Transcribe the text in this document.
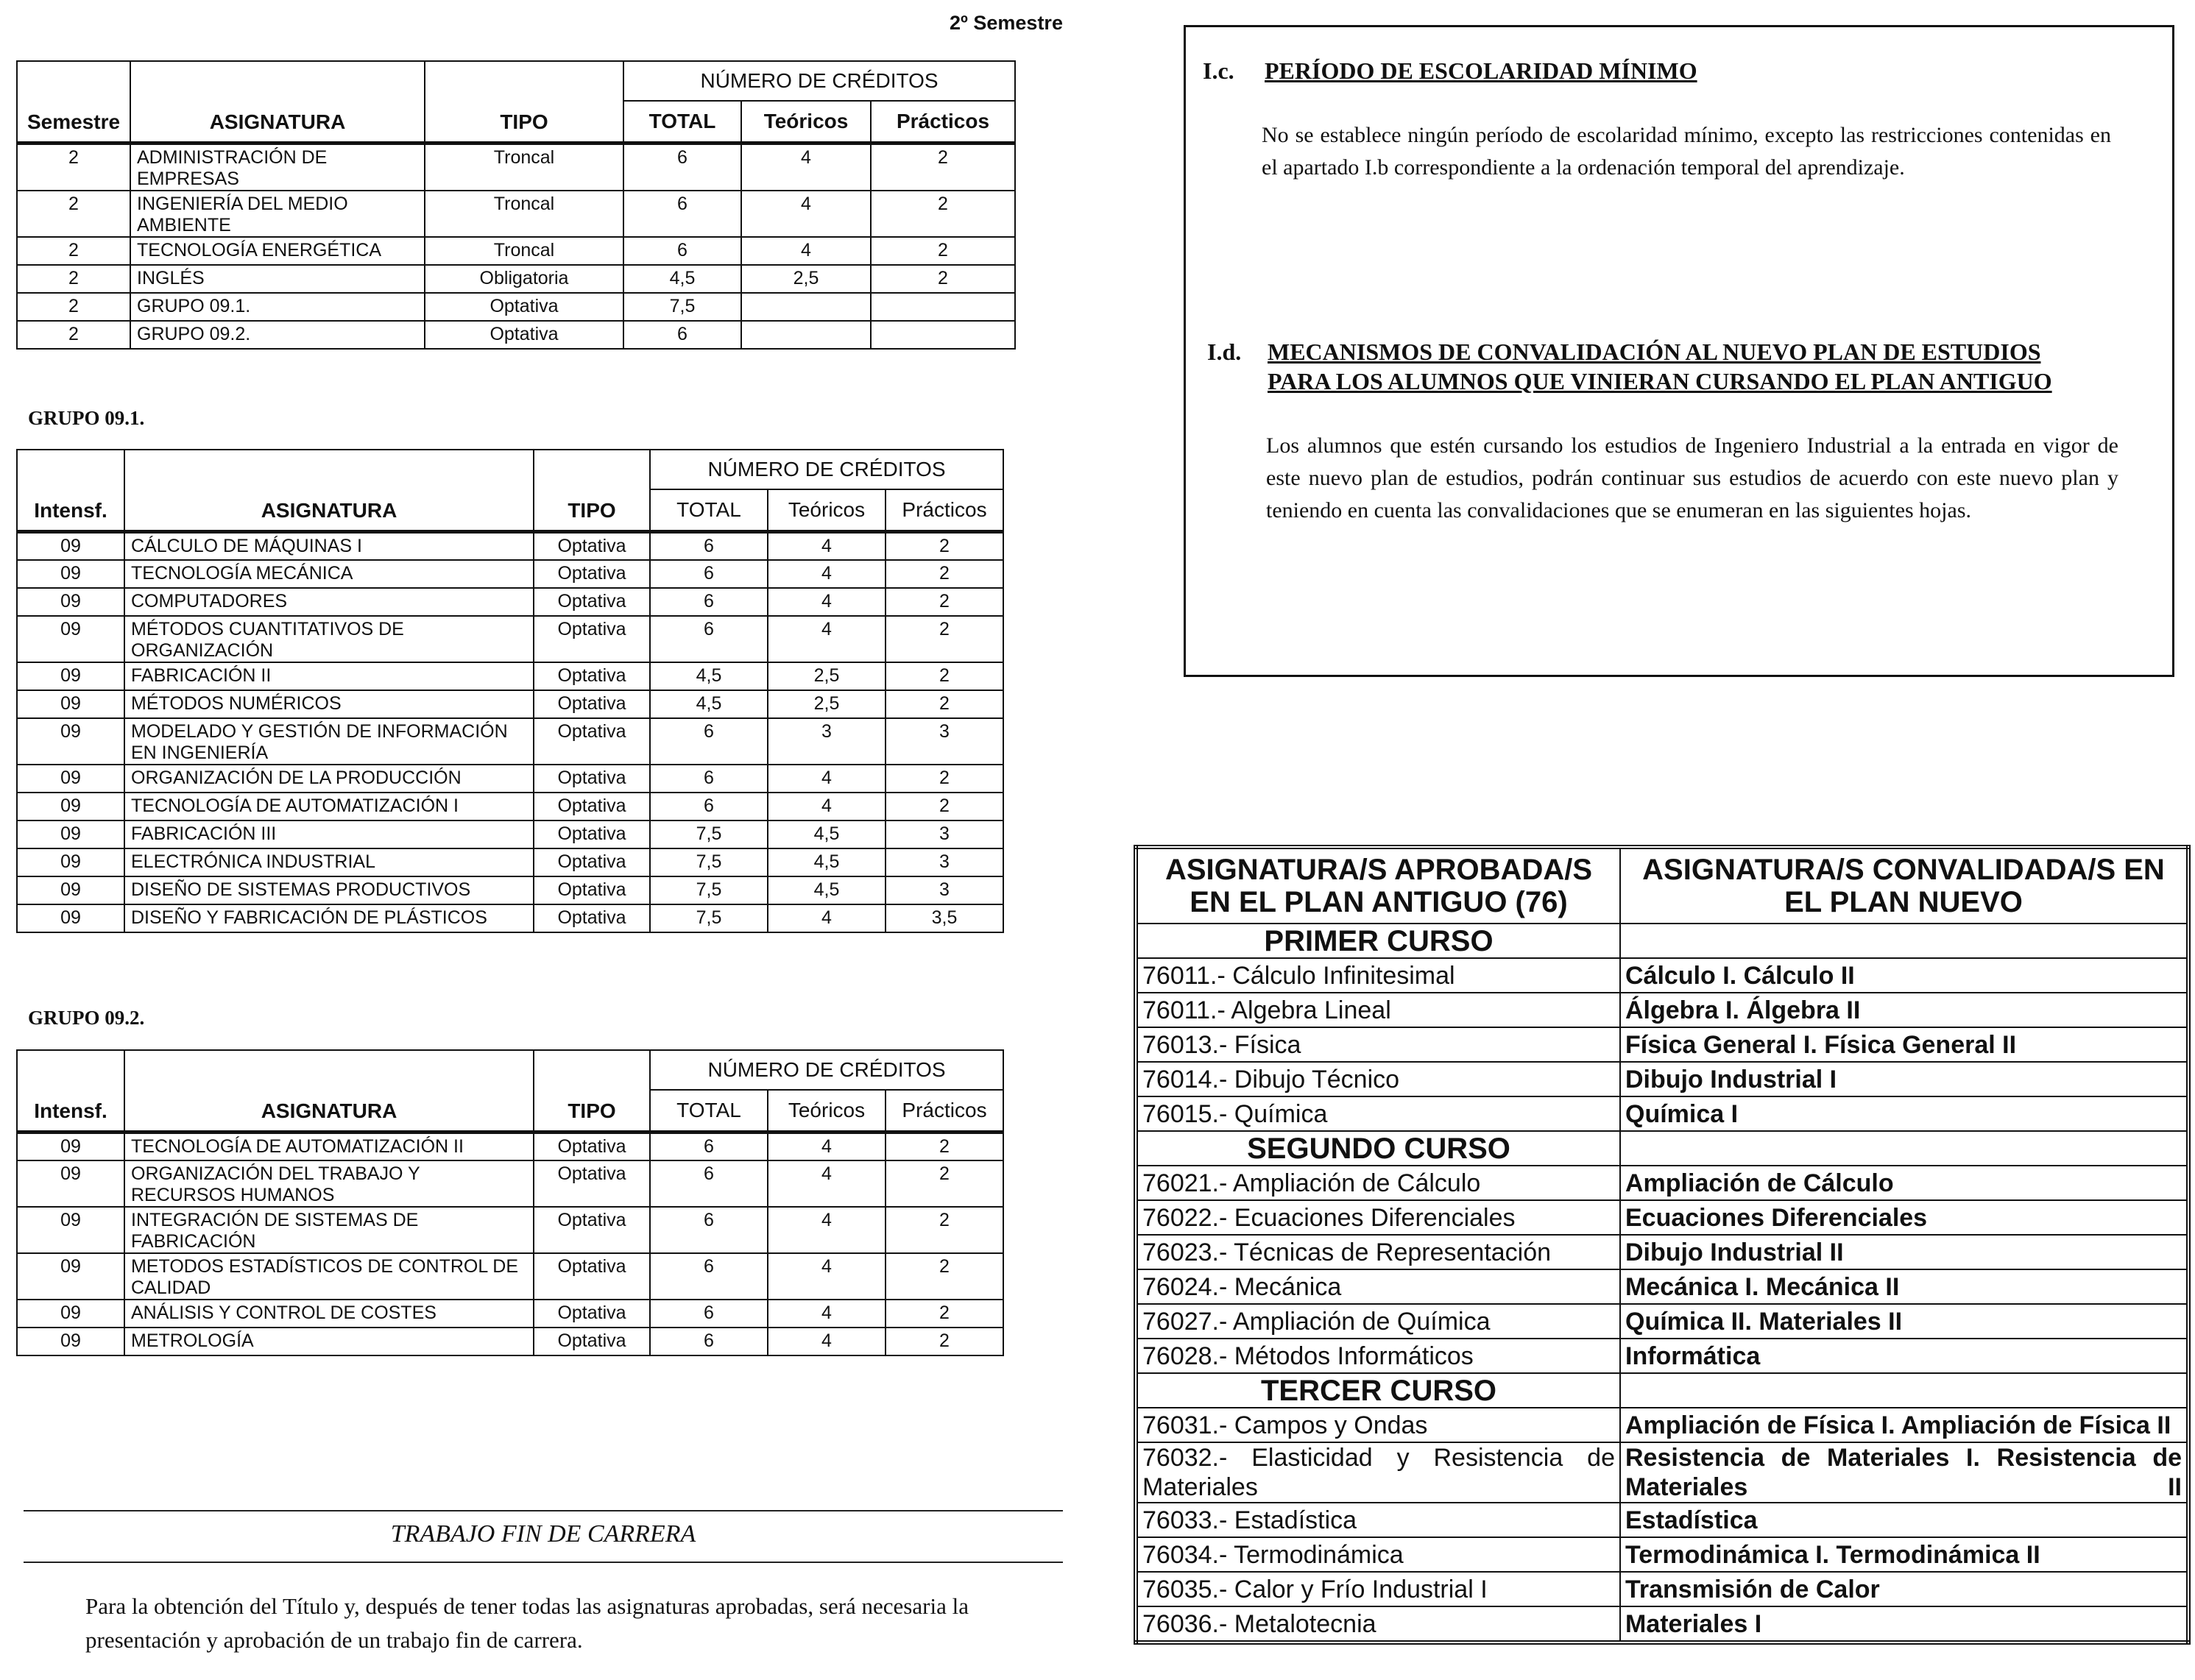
2º Semestre
Semestre	ASIGNATURA	TIPO	NÚMERO DE CRÉDITOS		
			TOTAL	Teóricos	Prácticos
2	ADMINISTRACIÓN DE EMPRESAS	Troncal	6	4	2
2	INGENIERÍA DEL MEDIO AMBIENTE	Troncal	6	4	2
2	TECNOLOGÍA ENERGÉTICA	Troncal	6	4	2
2	INGLÉS	Obligatoria	4,5	2,5	2
2	GRUPO 09.1.	Optativa	7,5		
2	GRUPO 09.2.	Optativa	6		
GRUPO 09.1.
Intensf.	ASIGNATURA	TIPO	NÚMERO DE CRÉDITOS		
			TOTAL	Teóricos	Prácticos
09	CÁLCULO DE MÁQUINAS I	Optativa	6	4	2
09	TECNOLOGÍA MECÁNICA	Optativa	6	4	2
09	COMPUTADORES	Optativa	6	4	2
09	MÉTODOS CUANTITATIVOS DE ORGANIZACIÓN	Optativa	6	4	2
09	FABRICACIÓN II	Optativa	4,5	2,5	2
09	MÉTODOS NUMÉRICOS	Optativa	4,5	2,5	2
09	MODELADO Y GESTIÓN DE INFORMACIÓN EN INGENIERÍA	Optativa	6	3	3
09	ORGANIZACIÓN DE LA PRODUCCIÓN	Optativa	6	4	2
09	TECNOLOGÍA DE AUTOMATIZACIÓN I	Optativa	6	4	2
09	FABRICACIÓN III	Optativa	7,5	4,5	3
09	ELECTRÓNICA INDUSTRIAL	Optativa	7,5	4,5	3
09	DISEÑO DE SISTEMAS PRODUCTIVOS	Optativa	7,5	4,5	3
09	DISEÑO Y FABRICACIÓN DE PLÁSTICOS	Optativa	7,5	4	3,5
GRUPO 09.2.
Intensf.	ASIGNATURA	TIPO	NÚMERO DE CRÉDITOS		
			TOTAL	Teóricos	Prácticos
09	TECNOLOGÍA DE AUTOMATIZACIÓN II	Optativa	6	4	2
09	ORGANIZACIÓN DEL TRABAJO Y RECURSOS HUMANOS	Optativa	6	4	2
09	INTEGRACIÓN DE SISTEMAS DE FABRICACIÓN	Optativa	6	4	2
09	METODOS ESTADÍSTICOS DE CONTROL DE CALIDAD	Optativa	6	4	2
09	ANÁLISIS Y CONTROL DE COSTES	Optativa	6	4	2
09	METROLOGÍA	Optativa	6	4	2
TRABAJO FIN DE CARRERA
Para la obtención del Título y, después de tener todas las asignaturas aprobadas, será necesaria la presentación y aprobación de un trabajo fin de carrera.
I.c. PERÍODO DE ESCOLARIDAD MÍNIMO
No se establece ningún período de escolaridad mínimo, excepto las restricciones contenidas en el apartado I.b correspondiente a la ordenación temporal del aprendizaje.
I.d. MECANISMOS DE CONVALIDACIÓN AL NUEVO PLAN DE ESTUDIOS
PARA LOS ALUMNOS QUE VINIERAN CURSANDO EL PLAN ANTIGUO
Los alumnos que estén cursando los estudios de Ingeniero Industrial a la entrada en vigor de este nuevo plan de estudios, podrán continuar sus estudios de acuerdo con este nuevo plan y teniendo en cuenta las convalidaciones que se enumeran en las siguientes hojas.
ASIGNATURA/S APROBADA/S EN EL PLAN ANTIGUO (76)	ASIGNATURA/S CONVALIDADA/S EN EL PLAN NUEVO
PRIMER CURSO	
76011.- Cálculo Infinitesimal	Cálculo I. Cálculo II
76011.- Algebra Lineal	Álgebra I. Álgebra II
76013.- Física	Física General I. Física General II
76014.- Dibujo Técnico	Dibujo Industrial I
76015.- Química	Química I
SEGUNDO CURSO	
76021.- Ampliación de Cálculo	Ampliación de Cálculo
76022.- Ecuaciones Diferenciales	Ecuaciones Diferenciales
76023.- Técnicas de Representación	Dibujo Industrial II
76024.- Mecánica	Mecánica I. Mecánica II
76027.- Ampliación de Química	Química II. Materiales II
76028.- Métodos Informáticos	Informática
TERCER CURSO	
76031.- Campos y Ondas	Ampliación de Física I. Ampliación de Física II
76032.- Elasticidad y Resistencia de Materiales	Resistencia de Materiales I. Resistencia de Materiales II
76033.- Estadística	Estadística
76034.- Termodinámica	Termodinámica I. Termodinámica II
76035.- Calor y Frío Industrial I	Transmisión de Calor
76036.- Metalotecnia	Materiales I
